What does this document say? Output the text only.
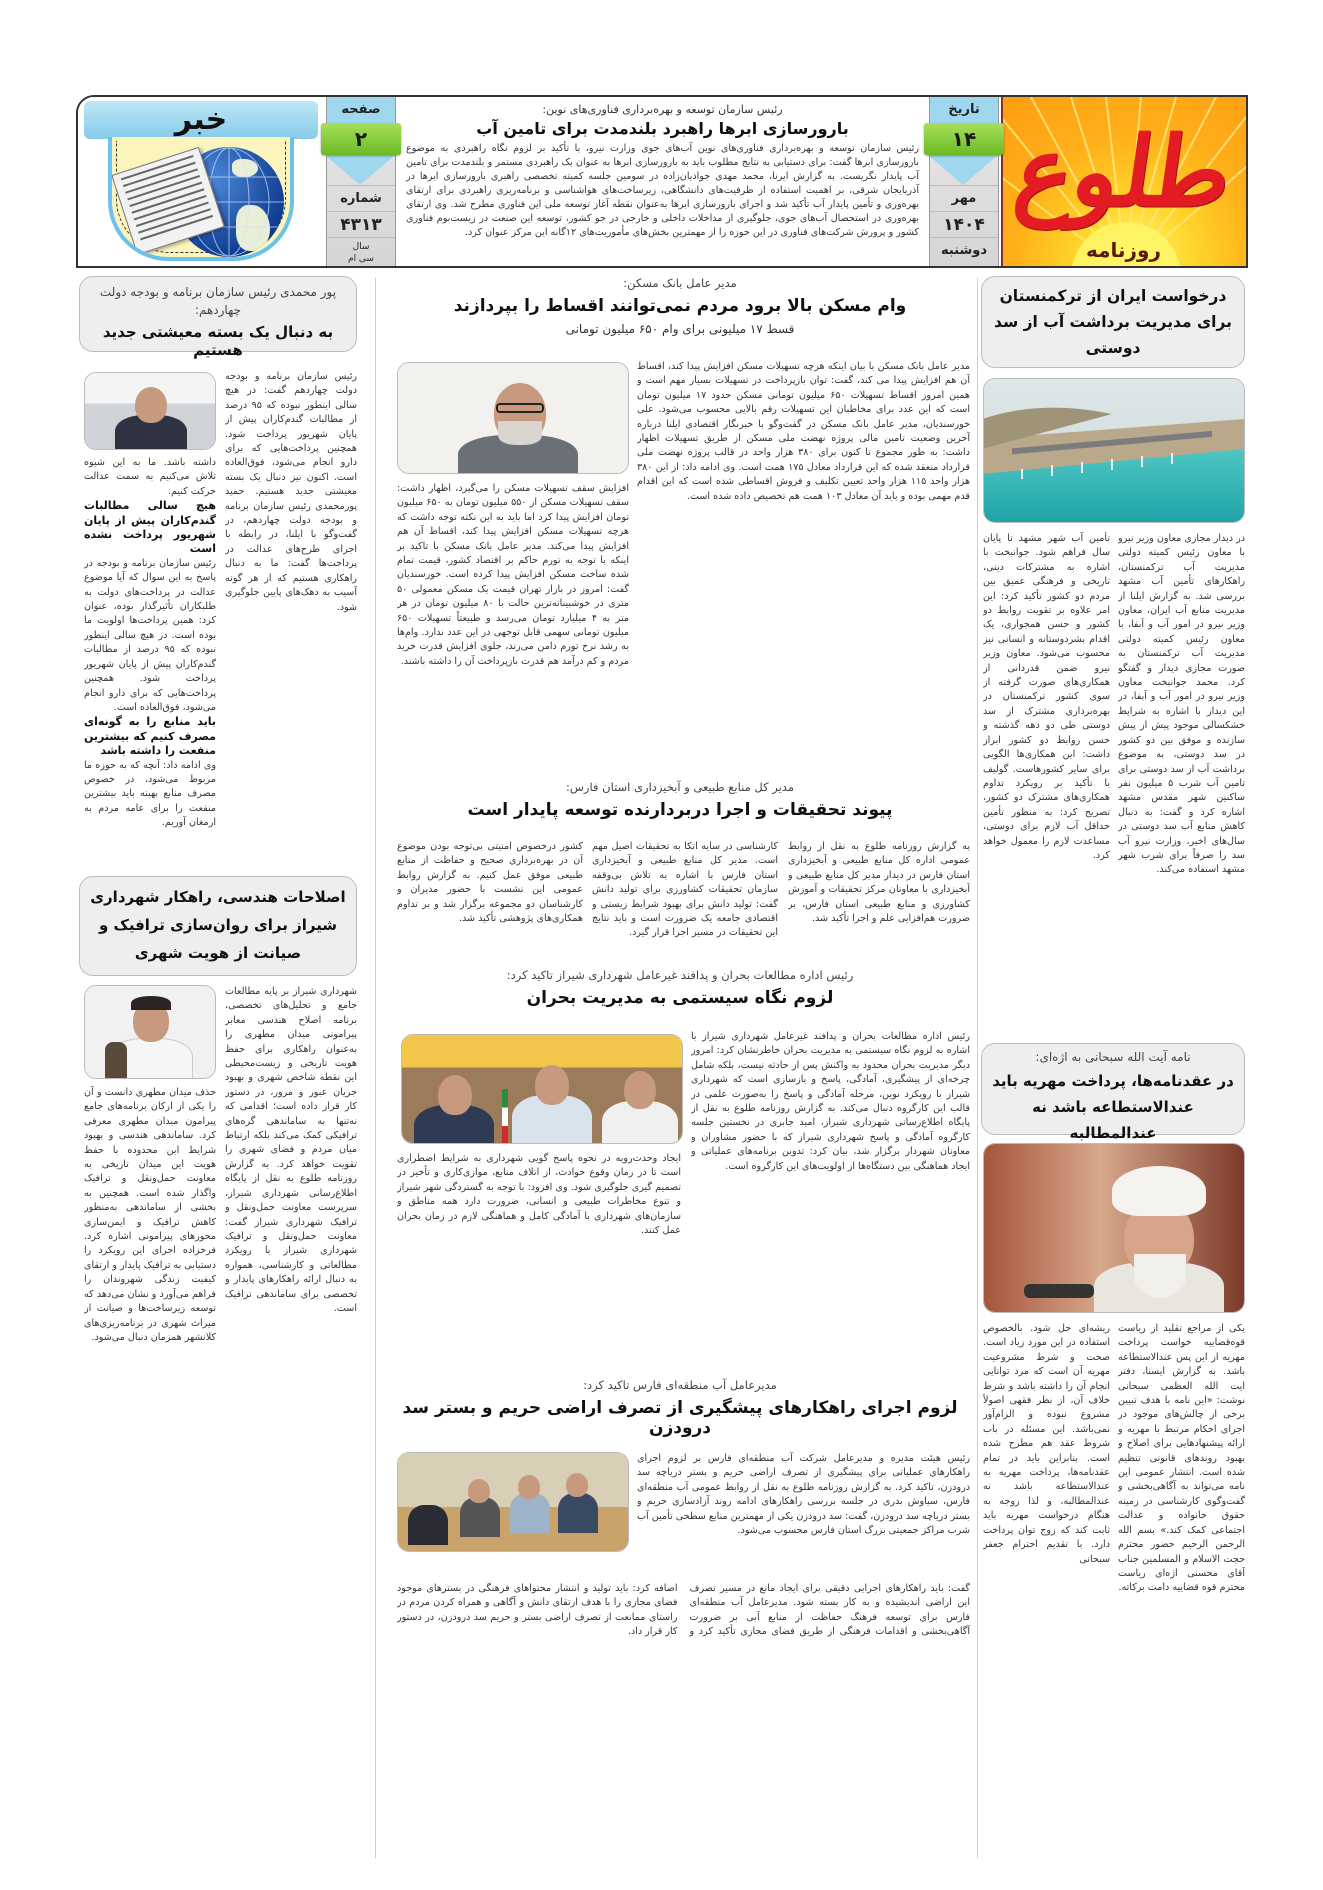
طلوع
روزنامه
تاریخ
۱۴
مهر
۱۴۰۴
دوشنبه
رئیس سازمان توسعه و بهره‌برداری فناوری‌های نوین:
بارورسازی ابرها راهبرد بلندمدت برای تامین آب
رئیس سازمان توسعه و بهره‌برداری فناوری‌های نوین آب‌های جوی وزارت نیرو، با تأکید بر لزوم نگاه راهبردی به موضوع بارورسازی ابرها گفت: برای دستیابی به نتایج مطلوب باید به بارورسازی ابرها به عنوان یک راهبردی مستمر و بلندمدت برای تامین آب پایدار نگریست. به گزارش ایرنا، محمد مهدی جوادیان‌زاده در سومین جلسه کمیته تخصصی راهبری بارورسازی ابرها در آذربایجان شرقی، بر اهمیت استفاده از ظرفیت‌های دانشگاهی، زیرساخت‌های هواشناسی و برنامه‌ریزی راهبردی برای ارتقای بهره‌وری و تأمین پایدار آب تأکید شد و اجرای بارورسازی ابرها به‌عنوان نقطه آغاز توسعه ملی این فناوری مطرح شد. وی ارتقای بهره‌وری در استحصال آب‌های جوی، جلوگیری از مداخلات داخلی و خارجی در جو کشور، توسعه این صنعت در زیست‌بوم فناوری کشور و پرورش شرکت‌های فناوری در این حوزه را از مهمترین بخش‌های مأموریت‌های ۱۲گانه این مرکز عنوان کرد.
صفحه
۲
شماره
۴۳۱۳
سال
سی ام
خبر
درخواست ایران از ترکمنستان برای مدیریت برداشت آب از سد دوستی
تأمین آب شهر مشهد تا پایان سال فراهم شود. جوانبخت با اشاره به مشترکات دینی، تاریخی و فرهنگی عمیق بین مردم دو کشور تأکید کرد: این امر علاوه بر تقویت روابط دو کشور و حسن همجواری، یک اقدام بشردوستانه و انسانی نیز محسوب می‌شود. معاون وزیر نیرو ضمن قدردانی از همکاری‌های صورت گرفته از سوی کشور ترکمنستان در بهره‌برداری مشترک از سد دوستی طی دو دهه گذشته و حسن روابط دو کشور ابراز داشت: این همکاری‌ها الگویی برای سایر کشورهاست. گولیف با تأکید بر رویکرد تداوم همکاری‌های مشترک دو کشور، تصریح کرد: به منظور تأمین حداقل آب لازم برای دوستی، مساعدت لازم را معمول خواهد کرد.
در دیدار مجازی معاون وزیر نیرو با معاون رئیس کمیته دولتی مدیریت آب ترکمنستان، راهکارهای تأمین آب مشهد بررسی شد. به گزارش ایلنا از مدیریت منابع آب ایران، معاون وزیر نیرو در امور آب و آبفا، با معاون رئیس کمیته دولتی مدیریت آب ترکمنستان به صورت مجازی دیدار و گفتگو کرد. محمد جوانبخت معاون وزیر نیرو در امور آب و آبفا، در این دیدار با اشاره به شرایط خشکسالی موجود پیش از پیش سازنده و موفق بین دو کشور در سد دوستی، به موضوع برداشت آب از سد دوستی برای تامین آب شرب ۵ میلیون نفر ساکنین شهر مقدس مشهد اشاره کرد و گفت: به دنبال کاهش منابع آب سد دوستی در سال‌های اخیر، وزارت نیرو آب سد را صرفاً برای شرب شهر مشهد استفاده می‌کند.
نامه آیت الله سبحانی به اژه‌ای:
در عقدنامه‌ها، پرداخت مهریه باید عندالاستطاعه باشد نه عندالمطالبه
ریشه‌ای حل شود. بالخصوص استفاده در این مورد زیاد است. صحت و شرط مشروعیت مهریه آن است که مرد توانایی انجام آن را داشته باشد و شرط خلاف آن، از نظر فقهی اصولاً مشروع نبوده و الزام‌آور نمی‌باشد. این مسئله در باب شروط عقد هم مطرح شده است. بنابراین باید در تمام عقدنامه‌ها، پرداخت مهریه به عندالاستطاعه باشد نه عندالمطالبه، و لذا زوجه به هنگام درخواست مهریه باید ثابت کند که زوج توان پرداخت دارد. با تقدیم احترام جعفر سبحانی
یکی از مراجع تقلید از ریاست قوه‌قضاییه خواست پرداخت مهریه از این پس عندالاستطاعه باشد. به گزارش ایسنا، دفتر ایت الله العظمی سبحانی نوشت: «این نامه با هدف تبیین برخی از چالش‌های موجود در اجرای احکام مرتبط با مهریه و ارائه پیشنهادهایی برای اصلاح و بهبود روندهای قانونی تنظیم شده است. انتشار عمومی این نامه می‌تواند به آگاهی‌بخشی و گفت‌وگوی کارشناسی در زمینه حقوق خانواده و عدالت اجتماعی کمک کند.» بسم الله الرحمن الرحیم حضور محترم حجت الاسلام و المسلمین جناب آقای محسنی اژه‌ای ریاست محترم قوه قضاییه دامت برکاته.
مدیر عامل بانک مسکن:
وام مسکن بالا برود مردم نمی‌توانند اقساط را بپردازند
قسط ۱۷ میلیونی برای وام ۶۵۰ میلیون تومانی
مدیر عامل بانک مسکن با بیان اینکه هرچه تسهیلات مسکن افزایش پیدا کند، اقساط آن هم افزایش پیدا می کند، گفت: توان بازپرداخت در تسهیلات بسیار مهم است و همین امروز اقساط تسهیلات ۶۵۰ میلیون تومانی مسکن حدود ۱۷ میلیون تومان است که این عدد برای مخاطبان این تسهیلات رقم بالایی محسوب می‌شود. علی خورسندیان، مدیر عامل بانک مسکن در گفت‌وگو با خبرنگار اقتصادی ایلنا درباره آخرین وضعیت تامین مالی پروژه نهضت ملی مسکن از طریق تسهیلات اظهار داشت: به طور مجموع تا کنون برای ۳۸۰ هزار واحد در قالب پروژه نهضت ملی قرارداد منعقد شده که این قرارداد معادل ۱۷۵ همت است. وی ادامه داد: از این ۳۸۰ هزار واحد ۱۱۵ هزار واحد تعیین تکلیف و فروش اقساطی شده است که این اقدام قدم مهمی بوده و باید آن معادل ۱۰۳ همت هم تخصیص داده شده است.
افزایش سقف تسهیلات مسکن را می‌گیرد، اظهار داشت: سقف تسهیلات مسکن از ۵۵۰ میلیون تومان به ۶۵۰ میلیون تومان افزایش پیدا کرد اما باید به این نکته توجه داشت که هرچه تسهیلات مسکن افزایش پیدا کند، اقساط آن هم افزایش پیدا می‌کند. مدیر عامل بانک مسکن با تاکید بر اینکه با توجه به تورم حاکم بر اقتصاد کشور، قیمت تمام شده ساخت مسکن افزایش پیدا کرده است. خورسندیان گفت: امروز در بازار تهران قیمت یک مسکن معمولی ۵۰ متری در خوشبینانه‌ترین حالت با ۸۰ میلیون تومان در هر متر به ۴ میلیارد تومان می‌رسد و طبیعتاً تسهیلات ۶۵۰ میلیون تومانی سهمی قابل توجهی در این عدد ندارد. وام‌ها به رشد نرخ تورم دامن می‌زند، جلوی افزایش قدرت خرید مردم و کم درآمد هم قدرت بازپرداخت آن را داشته باشند.
مدیر کل منابع طبیعی و آبخیزداری استان فارس:
پیوند تحقیقات و اجرا دربردارنده توسعه پایدار است
به گزارش روزنامه طلوع به نقل از روابط عمومی اداره کل منابع طبیعی و آبخیزداری استان فارس در دیدار مدیر کل منابع طبیعی و آبخیزداری با معاونان مرکز تحقیقات و آموزش کشاورزی و منابع طبیعی استان فارس، بر ضرورت هم‌افزایی علم و اجرا تأکید شد.
کارشناسی در سایه اتکا به تحقیقات اصیل مهم است. مدیر کل منابع طبیعی و آبخیزداری استان فارس با اشاره به تلاش بی‌وقفه سازمان تحقیقات کشاورزی برای تولید دانش گفت: تولید دانش برای بهبود شرایط زیستی و اقتصادی جامعه یک ضرورت است و باید نتایج این تحقیقات در مسیر اجرا قرار گیرد.
کشور درخصوص امنیتی بی‌توجه بودن موضوع آن در بهره‌برداری صحیح و حفاظت از منابع طبیعی موفق عمل کنیم. به گزارش روابط عمومی این نشست با حضور مدیران و کارشناسان دو مجموعه برگزار شد و بر تداوم همکاری‌های پژوهشی تأکید شد.
رئیس اداره مطالعات بحران و پدافند غیرعامل شهرداری شیراز تاکید کرد:
لزوم نگاه سیستمی به مدیریت بحران
رئیس اداره مطالعات بحران و پدافند غیرعامل شهرداری شیراز با اشاره به لزوم نگاه سیستمی به مدیریت بحران خاطرنشان کرد: امروز دیگر مدیریت بحران محدود به واکنش پس از حادثه نیست، بلکه شامل چرخه‌ای از پیشگیری، آمادگی، پاسخ و بازسازی است که شهرداری شیراز با رویکرد نوین، مرحله آمادگی و پاسخ را به‌صورت علمی در قالب این کارگروه دنبال می‌کند. به گزارش روزنامه طلوع به نقل از پایگاه اطلاع‌رسانی شهرداری شیراز، امید جابری در نخستین جلسه کارگروه آمادگی و پاسخ شهرداری شیراز که با حضور مشاوران و معاونان شهردار برگزار شد، بیان کرد: تدوین برنامه‌های عملیاتی و ایجاد هماهنگی بین دستگاه‌ها از اولویت‌های این کارگروه است.
ایجاد وحدت‌رویه در نحوه پاسخ گویی شهرداری به شرایط اضطراری است تا در زمان وقوع حوادث، از اتلاف منابع، موازی‌کاری و تأخیر در تصمیم گیری جلوگیری شود. وی افزود: با توجه به گستردگی شهر شیراز و تنوع مخاطرات طبیعی و انسانی، ضرورت دارد همه مناطق و سازمان‌های شهرداری با آمادگی کامل و هماهنگی لازم در زمان بحران عمل کنند.
مدیرعامل آب منطقه‌ای فارس تاکید کرد:
لزوم اجرای راهکارهای پیشگیری از تصرف اراضی حریم و بستر سد درودزن
رئیس هیئت مدیره و مدیرعامل شرکت آب منطقه‌ای فارس بر لزوم اجرای راهکارهای عملیاتی برای پیشگیری از تصرف اراضی حریم و بستر دریاچه سد درودزن، تاکید کرد. به گزارش روزنامه طلوع به نقل از روابط عمومی آب منطقه‌ای فارس، سیاوش بدری در جلسه بررسی راهکارهای ادامه روند آزادسازی حریم و بستر دریاچه سد درودزن، گفت: سد درودزن یکی از مهمترین منابع سطحی تأمین آب شرب مراکز جمعیتی بزرگ استان فارس محسوب می‌شود.
گفت: باید راهکارهای اجرایی دقیقی برای ایجاد مانع در مسیر تصرف این اراضی اندیشیده و به کار بسته شود. مدیرعامل آب منطقه‌ای فارس برای توسعه فرهنگ حفاظت از منابع آبی بر ضرورت آگاهی‌بخشی و اقدامات فرهنگی از طریق فضای مجازی تأکید کرد و اضافه کرد: باید تولید و انتشار محتواهای فرهنگی در بسترهای موجود فضای مجازی را با هدف ارتقای دانش و آگاهی و همراه کردن مردم در راستای ممانعت از تصرف اراضی بستر و حریم سد درودزن، در دستور کار قرار داد.
پور محمدی رئیس سازمان برنامه و بودجه دولت چهاردهم:
به دنبال یک بسته معیشتی جدید هستیم
رئیس سازمان برنامه و بودجه دولت چهاردهم گفت: در هیچ سالی اینطور نبوده که ۹۵ درصد از مطالبات گندم‌کاران پیش از پایان شهریور پرداخت شود. همچنین پرداخت‌هایی که برای دارو انجام می‌شود، فوق‌العاده است. اکنون نیز دنبال یک بسته معیشتی جدید هستیم. حمید پورمحمدی رئیس سازمان برنامه و بودجه دولت چهاردهم، در گفت‌وگو با ایلنا، در رابطه با اجرای طرح‌های عدالت در پرداخت‌ها گفت: ما به دنبال راهکاری هستیم که از هر گونه آسیب به دهک‌های پایین جلوگیری شود.

داشته باشد. ما به این شیوه تلاش می‌کنیم به سمت عدالت حرکت کنیم.

هیچ سالی مطالبات گندم‌کاران پیش از پایان شهریور پرداخت نشده است

رئیس سازمان برنامه و بودجه در پاسخ به این سوال که آیا موضوع عدالت در پرداخت‌های دولت به طلبکاران تأثیرگذار بوده، عنوان کرد: همین پرداخت‌ها اولویت ما بوده است. در هیچ سالی اینطور نبوده که ۹۵ درصد از مطالبات گندم‌کاران پیش از پایان شهریور پرداخت شود. همچنین پرداخت‌هایی که برای دارو انجام می‌شود، فوق‌العاده است.

باید منابع را به گونه‌ای مصرف کنیم که بیشترین منفعت را داشته باشد

وی ادامه داد: آنچه که به حوزه ما مربوط می‌شود، در خصوص مصرف منابع بهینه باید بیشترین منفعت را برای عامه مردم به ارمغان آوریم.

اصلاحات هندسی، راهکار شهرداری شیراز برای روان‌سازی ترافیک و صیانت از هویت شهری
شهرداری شیراز بر پایه مطالعات جامع و تحلیل‌های تخصصی، برنامه اصلاح هندسی معابر پیرامونی میدان مطهری را به‌عنوان راهکاری برای حفظ هویت تاریخی و زیست‌محیطی این نقطه شاخص شهری و بهبود جریان عبور و مرور، در دستور کار قرار داده است؛ اقدامی که نه‌تنها به ساماندهی گره‌های ترافیکی کمک می‌کند بلکه ارتباط میان مردم و فضای شهری را تقویت خواهد کرد. به گزارش روزنامه طلوع به نقل از پایگاه اطلاع‌رسانی شهرداری شیراز، سرپرست معاونت حمل‌ونقل و ترافیک شهرداری شیراز گفت: معاونت حمل‌ونقل و ترافیک شهرداری شیراز با رویکرد مطالعاتی و کارشناسی، همواره به دنبال ارائه راهکارهای پایدار و تخصصی برای ساماندهی ترافیک است.
حذف میدان مطهری دانست و آن را یکی از ارکان برنامه‌های جامع پیرامون میدان مطهری معرفی کرد. ساماندهی هندسی و بهبود شرایط این محدوده با حفظ هویت این میدان تاریخی به معاونت حمل‌ونقل و ترافیک واگذار شده است. همچنین به بخشی از ساماندهی به‌منظور کاهش ترافیک و ایمن‌سازی محورهای پیرامونی اشاره کرد. فرخزاده اجرای این رویکرد را دستیابی به ترافیک پایدار و ارتقای کیفیت زندگی شهروندان را فراهم می‌آورد و نشان می‌دهد که توسعه زیرساخت‌ها و صیانت از میراث شهری در برنامه‌ریزی‌های کلانشهر همزمان دنبال می‌شود.
